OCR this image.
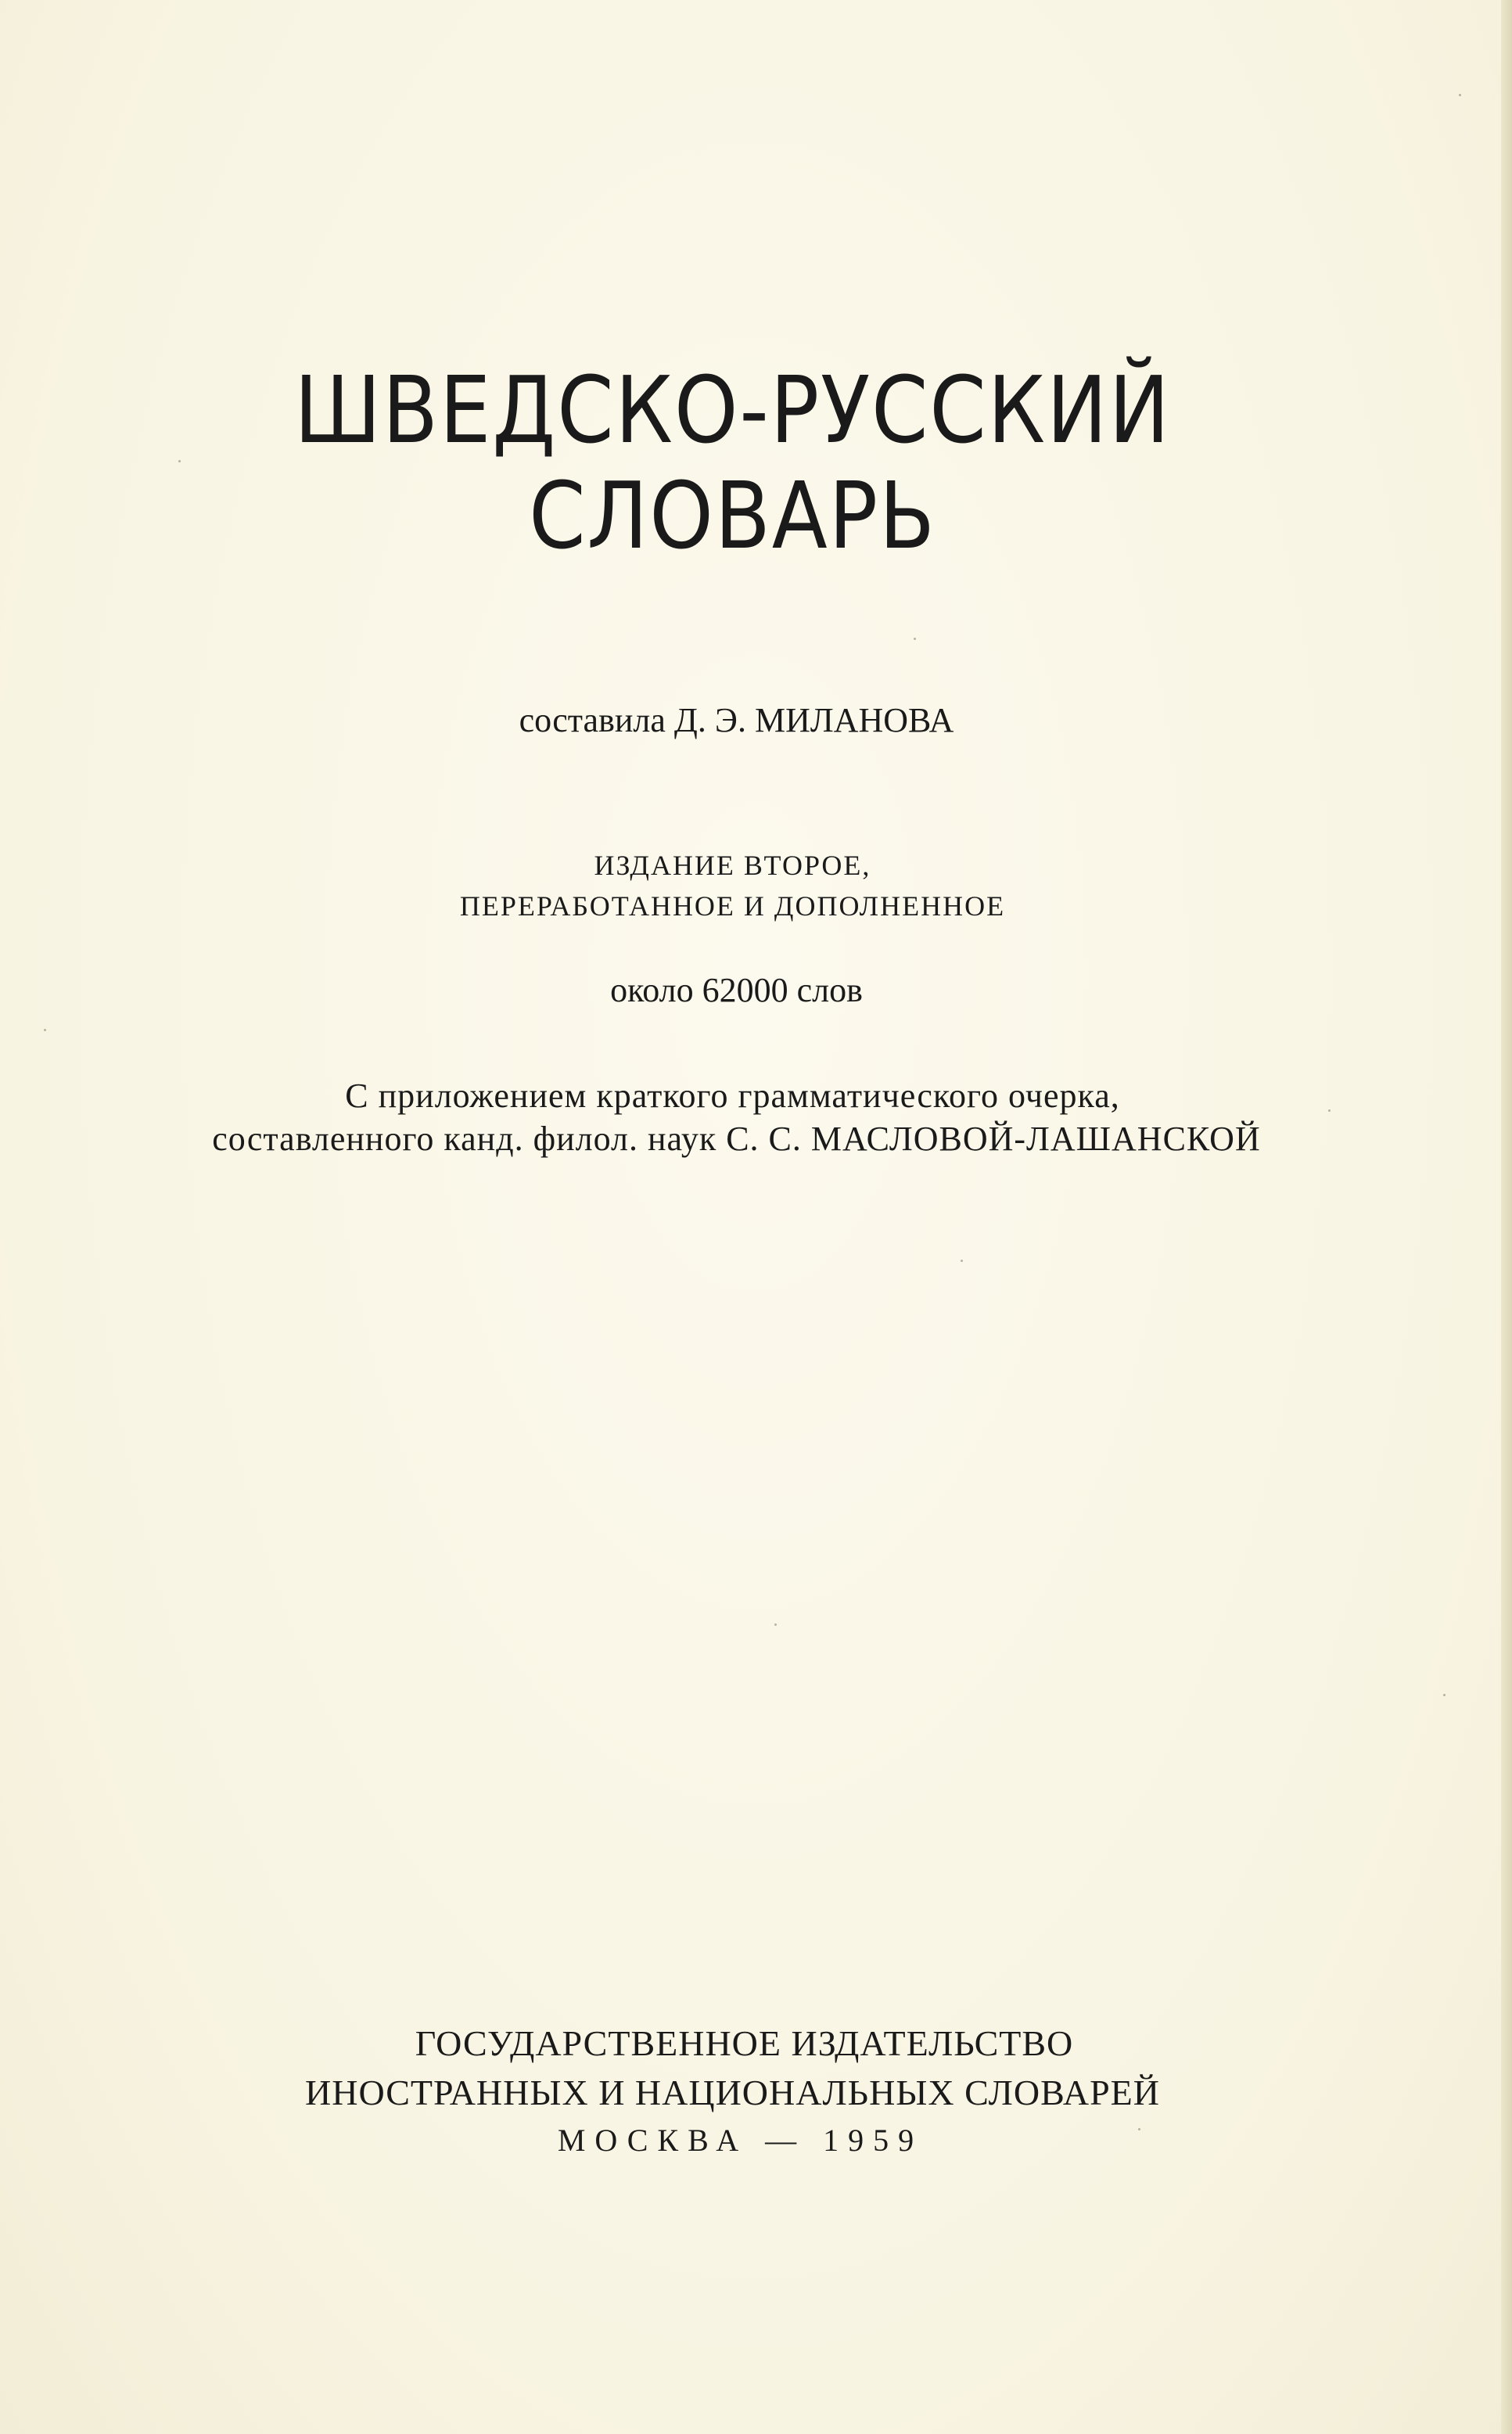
ШВЕДСКО-РУССКИЙ
СЛОВАРЬ

составила Д. Э. МИЛАНОВА

ИЗДАНИЕ ВТОРОЕ,

ПЕРЕРАБОТАННОЕ И ДОПОЛНЕННОЕ

около 62000 слов

С приложением краткого грамматического очерка,

составленного канд. филол. наук С. С. МАСЛОВОЙ-ЛАШАНСКОЙ

ГОСУДАРСТВЕННОЕ ИЗДАТЕЛЬСТВО

ИНОСТРАННЫХ И НАЦИОНАЛЬНЫХ СЛОВАРЕЙ

МОСКВА — 1959
